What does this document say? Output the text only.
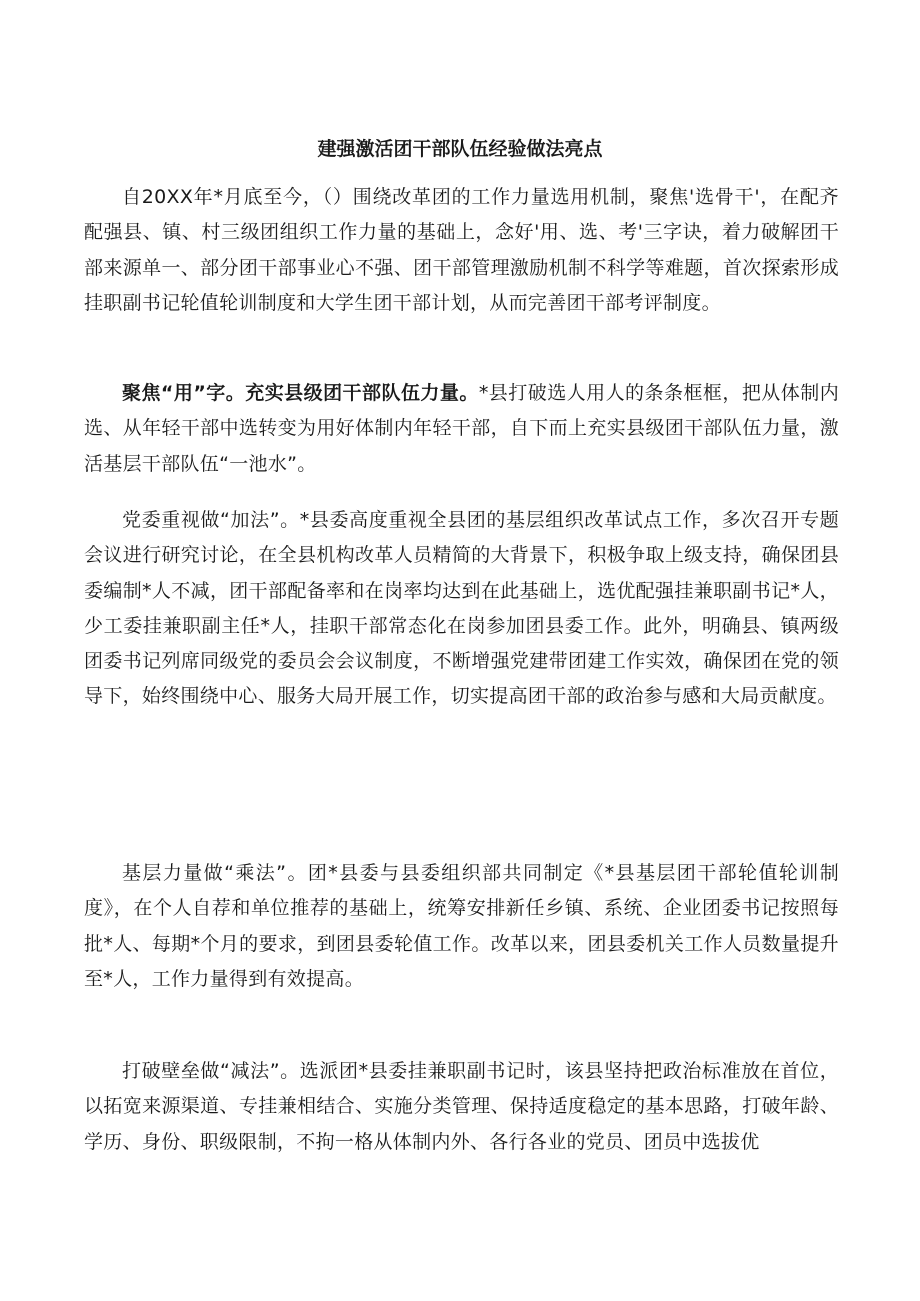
建强激活团干部队伍经验做法亮点

自20XX年*月底至今，（）围绕改革团的工作力量选用机制，聚焦'选骨干'，在配齐配强县、镇、村三级团组织工作力量的基础上，念好'用、选、考'三字诀，着力破解团干部来源单一、部分团干部事业心不强、团干部管理激励机制不科学等难题，首次探索形成挂职副书记轮值轮训制度和大学生团干部计划，从而完善团干部考评制度。

聚焦“用”字。充实县级团干部队伍力量。*县打破选人用人的条条框框，把从体制内选、从年轻干部中选转变为用好体制内年轻干部，自下而上充实县级团干部队伍力量，激活基层干部队伍“一池水”。

党委重视做“加法”。*县委高度重视全县团的基层组织改革试点工作，多次召开专题会议进行研究讨论，在全县机构改革人员精简的大背景下，积极争取上级支持，确保团县委编制*人不减，团干部配备率和在岗率均达到在此基础上，选优配强挂兼职副书记*人，少工委挂兼职副主任*人，挂职干部常态化在岗参加团县委工作。此外，明确县、镇两级团委书记列席同级党的委员会会议制度，不断增强党建带团建工作实效，确保团在党的领导下，始终围绕中心、服务大局开展工作，切实提高团干部的政治参与感和大局贡献度。

基层力量做“乘法”。团*县委与县委组织部共同制定《*县基层团干部轮值轮训制度》，在个人自荐和单位推荐的基础上，统筹安排新任乡镇、系统、企业团委书记按照每批*人、每期*个月的要求，到团县委轮值工作。改革以来，团县委机关工作人员数量提升至*人，工作力量得到有效提高。

打破壁垒做“减法”。选派团*县委挂兼职副书记时，该县坚持把政治标准放在首位，以拓宽来源渠道、专挂兼相结合、实施分类管理、保持适度稳定的基本思路，打破年龄、学历、身份、职级限制，不拘一格从体制内外、各行各业的党员、团员中选拔优
